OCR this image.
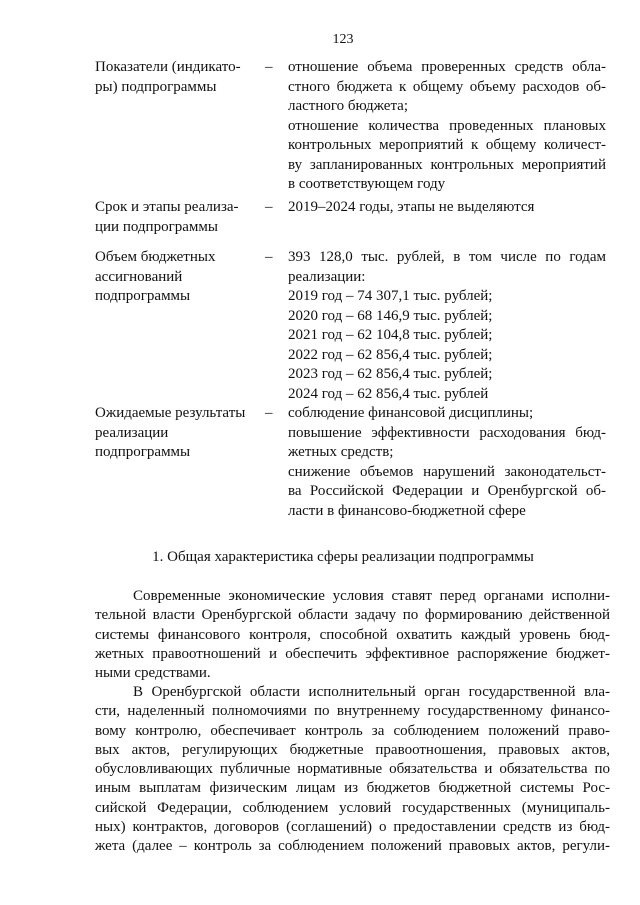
123
Показатели (индикато-
ры) подпрограммы
– отношение объема проверенных средств обла-
стного бюджета к общему объему расходов об-
ластного бюджета;
отношение количества проведенных плановых
контрольных мероприятий к общему количест-
ву запланированных контрольных мероприятий
в соответствующем году
Срок и этапы реализа-
ции подпрограммы
– 2019–2024 годы, этапы не выделяются
Объем бюджетных
ассигнований
подпрограммы
– 393 128,0 тыс. рублей, в том числе по годам
реализации:
2019 год – 74 307,1 тыс. рублей;
2020 год – 68 146,9 тыс. рублей;
2021 год – 62 104,8 тыс. рублей;
2022 год – 62 856,4 тыс. рублей;
2023 год – 62 856,4 тыс. рублей;
2024 год – 62 856,4 тыс. рублей
Ожидаемые результаты
реализации
подпрограммы
– соблюдение финансовой дисциплины;
повышение эффективности расходования бюд-
жетных средств;
снижение объемов нарушений законодательст-
ва Российской Федерации и Оренбургской об-
ласти в финансово-бюджетной сфере
1. Общая характеристика сферы реализации подпрограммы
Современные экономические условия ставят перед органами исполни-
тельной власти Оренбургской области задачу по формированию действенной
системы финансового контроля, способной охватить каждый уровень бюд-
жетных правоотношений и обеспечить эффективное распоряжение бюджет-
ными средствами.
В Оренбургской области исполнительный орган государственной вла-
сти, наделенный полномочиями по внутреннему государственному финансо-
вому контролю, обеспечивает контроль за соблюдением положений право-
вых актов, регулирующих бюджетные правоотношения, правовых актов,
обусловливающих публичные нормативные обязательства и обязательства по
иным выплатам физическим лицам из бюджетов бюджетной системы Рос-
сийской Федерации, соблюдением условий государственных (муниципаль-
ных) контрактов, договоров (соглашений) о предоставлении средств из бюд-
жета (далее – контроль за соблюдением положений правовых актов, регули-
